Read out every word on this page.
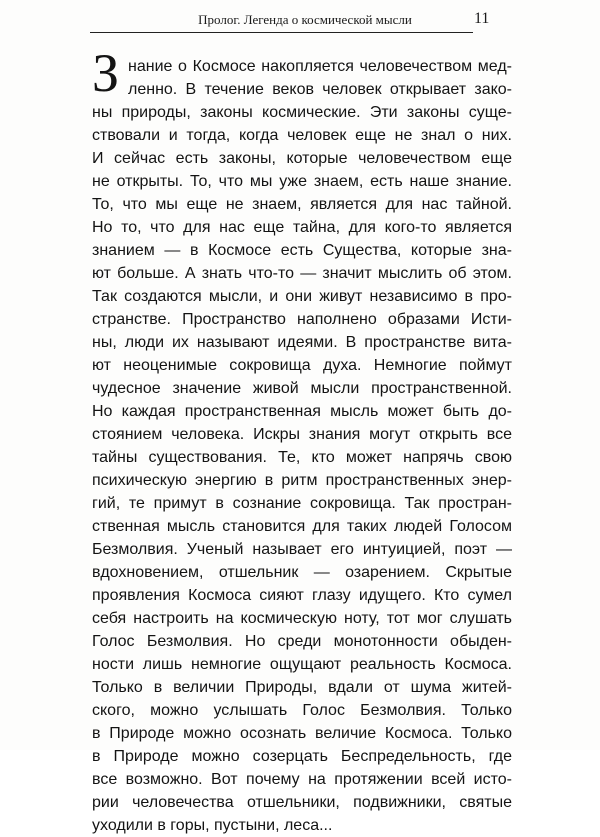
Пролог. Легенда о космической мысли	11
З нание о Космосе накопляется человечеством мед-
ленно. В течение веков человек открывает зако-
ны природы, законы космические. Эти законы суще-
ствовали и тогда, когда человек еще не знал о них.
И сейчас есть законы, которые человечеством еще
не открыты. То, что мы уже знаем, есть наше знание.
То, что мы еще не знаем, является для нас тайной.
Но то, что для нас еще тайна, для кого-то является
знанием — в Космосе есть Существа, которые зна-
ют больше. А знать что-то — значит мыслить об этом.
Так создаются мысли, и они живут независимо в про-
странстве. Пространство наполнено образами Исти-
ны, люди их называют идеями. В пространстве вита-
ют неоценимые сокровища духа. Немногие поймут
чудесное значение живой мысли пространственной.
Но каждая пространственная мысль может быть до-
стоянием человека. Искры знания могут открыть все
тайны существования. Те, кто может напрячь свою
психическую энергию в ритм пространственных энер-
гий, те примут в сознание сокровища. Так простран-
ственная мысль становится для таких людей Голосом
Безмолвия. Ученый называет его интуицией, поэт —
вдохновением, отшельник — озарением. Скрытые
проявления Космоса сияют глазу идущего. Кто сумел
себя настроить на космическую ноту, тот мог слушать
Голос Безмолвия. Но среди монотонности обыден-
ности лишь немногие ощущают реальность Космоса.
Только в величии Природы, вдали от шума житей-
ского, можно услышать Голос Безмолвия. Только
в Природе можно осознать величие Космоса. Только
в Природе можно созерцать Беспредельность, где
все возможно. Вот почему на протяжении всей исто-
рии человечества отшельники, подвижники, святые
уходили в горы, пустыни, леса...
